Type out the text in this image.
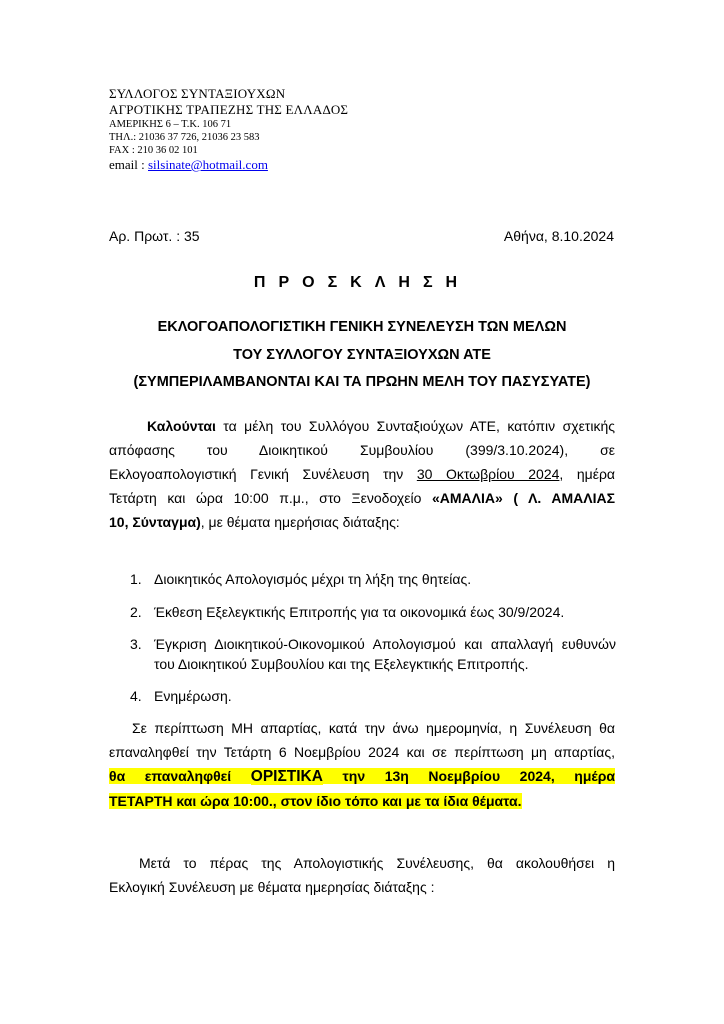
ΣΥΛΛΟΓΟΣ ΣΥΝΤΑΞΙΟΥΧΩΝ
ΑΓΡΟΤΙΚΗΣ ΤΡΑΠΕΖΗΣ ΤΗΣ ΕΛΛΑΔΟΣ
ΑΜΕΡΙΚΗΣ 6 – Τ.Κ. 106 71
ΤΗΛ.: 21036 37 726, 21036 23 583
FAX : 210 36 02 101
email : silsinate@hotmail.com
Αρ. Πρωτ. : 35	Αθήνα, 8.10.2024
ΠΡΟΣΚΛΗΣΗ
ΕΚΛΟΓΟΑΠΟΛΟΓΙΣΤΙΚΗ ΓΕΝΙΚΗ ΣΥΝΕΛΕΥΣΗ ΤΩΝ ΜΕΛΩΝ
ΤΟΥ ΣΥΛΛΟΓΟΥ ΣΥΝΤΑΞΙΟΥΧΩΝ ΑΤΕ
(ΣΥΜΠΕΡΙΛΑΜΒΑΝΟΝΤΑΙ ΚΑΙ ΤΑ ΠΡΩΗΝ ΜΕΛΗ ΤΟΥ ΠΑΣΥΣΥΑΤΕ)
Καλούνται τα μέλη του Συλλόγου Συνταξιούχων ΑΤΕ, κατόπιν σχετικής
απόφασης του Διοικητικού Συμβουλίου (399/3.10.2024), σε
Εκλογοαπολογιστική Γενική Συνέλευση την 30 Οκτωβρίου 2024, ημέρα
Τετάρτη και ώρα 10:00 π.μ., στο Ξενοδοχείο «ΑΜΑΛΙΑ» ( Λ. ΑΜΑΛΙΑΣ
10, Σύνταγμα), με θέματα ημερήσιας διάταξης:
1. Διοικητικός Απολογισμός μέχρι τη λήξη της θητείας.
2. Έκθεση Εξελεγκτικής Επιτροπής για τα οικονομικά έως 30/9/2024.
3. Έγκριση Διοικητικού-Οικονομικού Απολογισμού και απαλλαγή ευθυνών του Διοικητικού Συμβουλίου και της Εξελεγκτικής Επιτροπής.
4. Ενημέρωση.
Σε περίπτωση ΜΗ απαρτίας, κατά την άνω ημερομηνία, η Συνέλευση θα
επαναληφθεί την Τετάρτη 6 Νοεμβρίου 2024 και σε περίπτωση μη απαρτίας,
θα επαναληφθεί ΟΡΙΣΤΙΚΑ την 13η Νοεμβρίου 2024, ημέρα
ΤΕΤΑΡΤΗ και ώρα 10:00., στον ίδιο τόπο και με τα ίδια θέματα.
Μετά το πέρας της Απολογιστικής Συνέλευσης, θα ακολουθήσει η
Εκλογική Συνέλευση με θέματα ημερησίας διάταξης :
